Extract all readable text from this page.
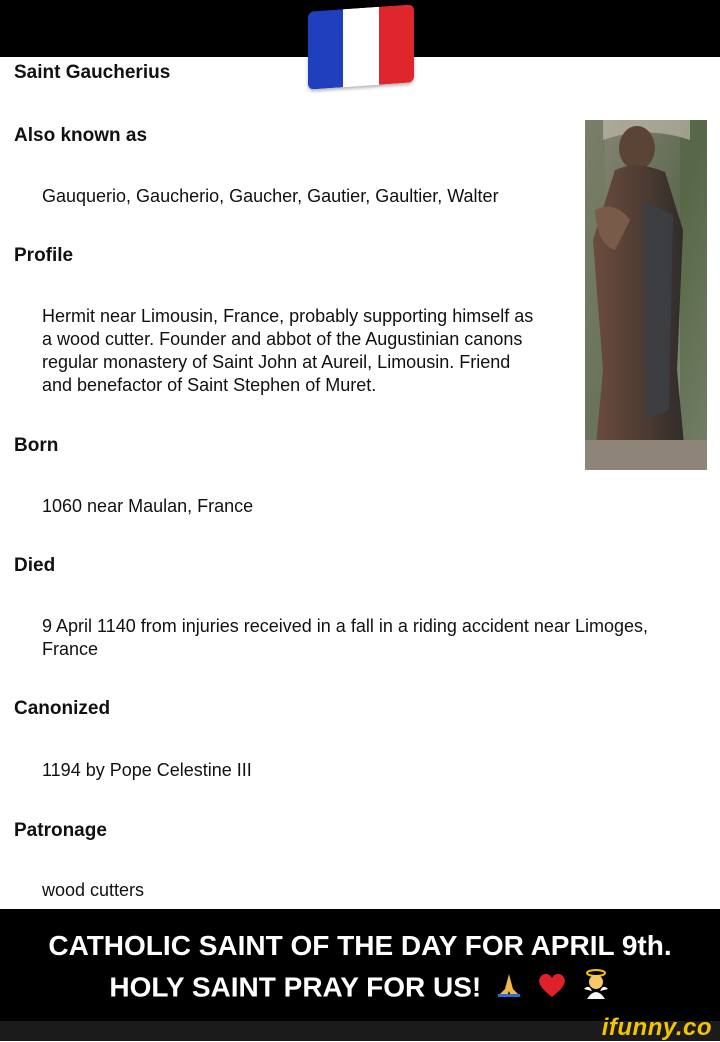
Saint Gaucherius
Also known as
Gauquerio, Gaucherio, Gaucher, Gautier, Gaultier, Walter
Profile
Hermit near Limousin, France, probably supporting himself as
a wood cutter. Founder and abbot of the Augustinian canons
regular monastery of Saint John at Aureil, Limousin. Friend
and benefactor of Saint Stephen of Muret.
Born
1060 near Maulan, France
Died
9 April 1140 from injuries received in a fall in a riding accident near Limoges,
France
Canonized
1194 by Pope Celestine III
Patronage
wood cutters
CATHOLIC SAINT OF THE DAY FOR APRIL 9th.
HOLY SAINT PRAY FOR US!
ifunny.co
